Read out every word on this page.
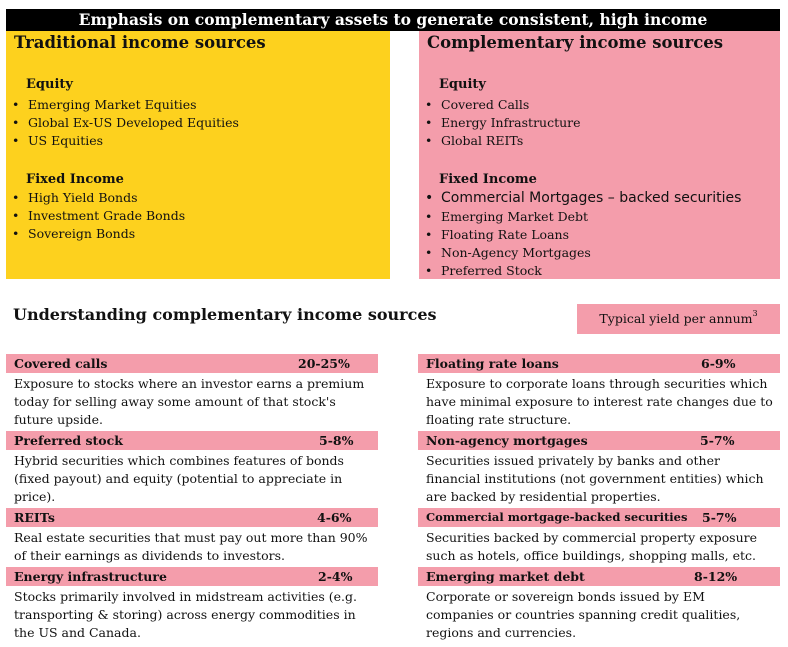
Emphasis on complementary assets to generate consistent, high income
Traditional income sources
Equity
• Emerging Market Equities
• Global Ex-US Developed Equities
• US Equities
Fixed Income
• High Yield Bonds
• Investment Grade Bonds
• Sovereign Bonds
Complementary income sources
Equity
• Covered Calls
• Energy Infrastructure
• Global REITs
Fixed Income
• Commercial Mortgages – backed securities
• Emerging Market Debt
• Floating Rate Loans
• Non-Agency Mortgages
• Preferred Stock
Understanding complementary income sources	Typical yield per annum$^3$
Covered calls	20-25%
Exposure to stocks where an investor earns a premium today for selling away some amount of that stock's future upside.
Preferred stock	5-8%
Hybrid securities which combines features of bonds (fixed payout) and equity (potential to appreciate in price).
REITs	4-6%
Real estate securities that must pay out more than 90% of their earnings as dividends to investors.
Energy infrastructure	2-4%
Stocks primarily involved in midstream activities (e.g. transporting & storing) across energy commodities in the US and Canada.
Floating rate loans	6-9%
Exposure to corporate loans through securities which have minimal exposure to interest rate changes due to floating rate structure.
Non-agency mortgages	5-7%
Securities issued privately by banks and other financial institutions (not government entities) which are backed by residential properties.
Commercial mortgage-backed securities 5-7%
Securities backed by commercial property exposure such as hotels, office buildings, shopping malls, etc.
Emerging market debt	8-12%
Corporate or sovereign bonds issued by EM companies or countries spanning credit qualities, regions and currencies.
